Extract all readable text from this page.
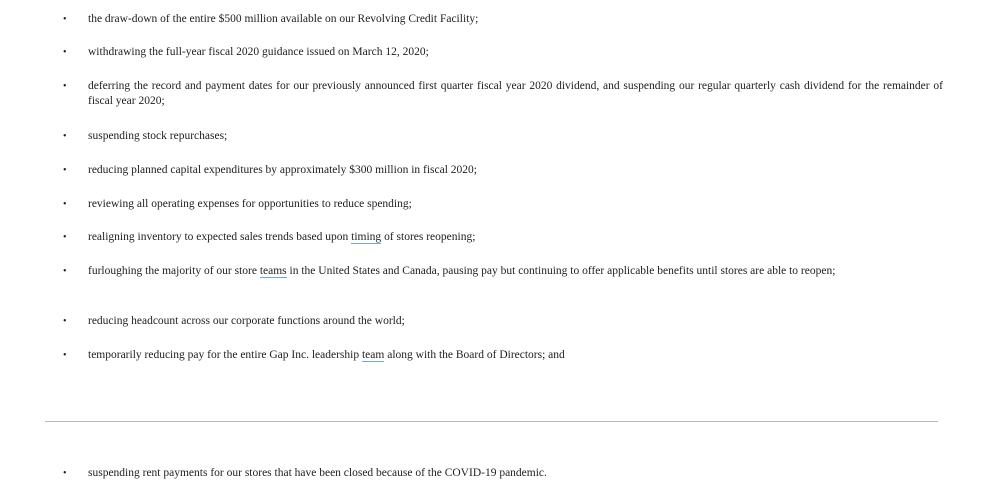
•	the draw-down of the entire $500 million available on our Revolving Credit Facility;
•	withdrawing the full-year fiscal 2020 guidance issued on March 12, 2020;
•	deferring the record and payment dates for our previously announced first quarter fiscal year 2020 dividend, and suspending our regular quarterly cash dividend for the remainder of fiscal year 2020;
•	suspending stock repurchases;
•	reducing planned capital expenditures by approximately $300 million in fiscal 2020;
•	reviewing all operating expenses for opportunities to reduce spending;
•	realigning inventory to expected sales trends based upon timing of stores reopening;
•	furloughing the majority of our store teams in the United States and Canada, pausing pay but continuing to offer applicable benefits until stores are able to reopen;
•	reducing headcount across our corporate functions around the world;
•	temporarily reducing pay for the entire Gap Inc. leadership team along with the Board of Directors; and
•	suspending rent payments for our stores that have been closed because of the COVID-19 pandemic.
